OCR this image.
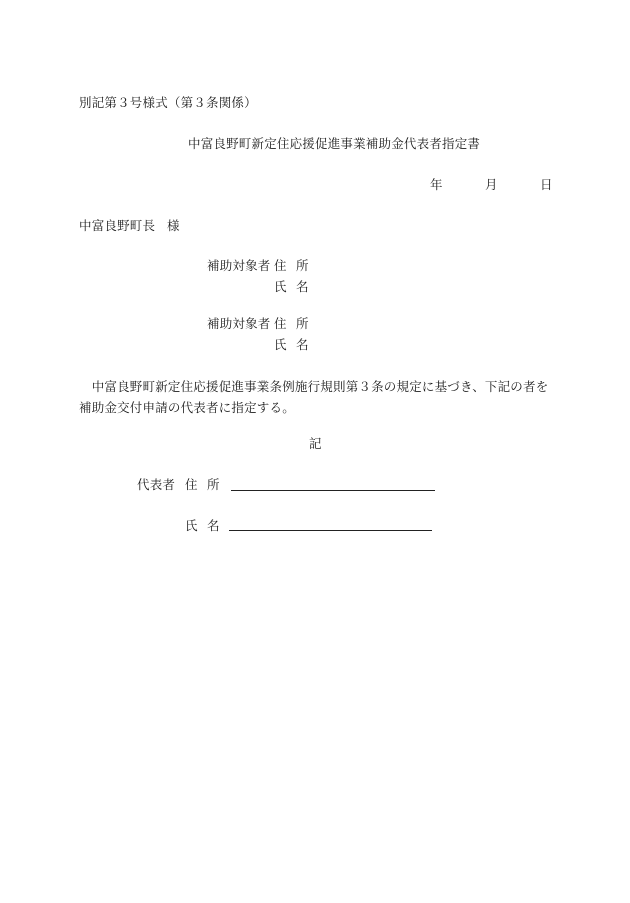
別記第３号様式（第３条関係）
中富良野町新定住応援促進事業補助金代表者指定書
年	月	日
中富良野町長 様
補助対象者 住 所
氏 名
補助対象者 住 所
氏 名
　中富良野町新定住応援促進事業条例施行規則第３条の規定に基づき、下記の者を補助金交付申請の代表者に指定する。
記
代表者 住 所
氏 名
